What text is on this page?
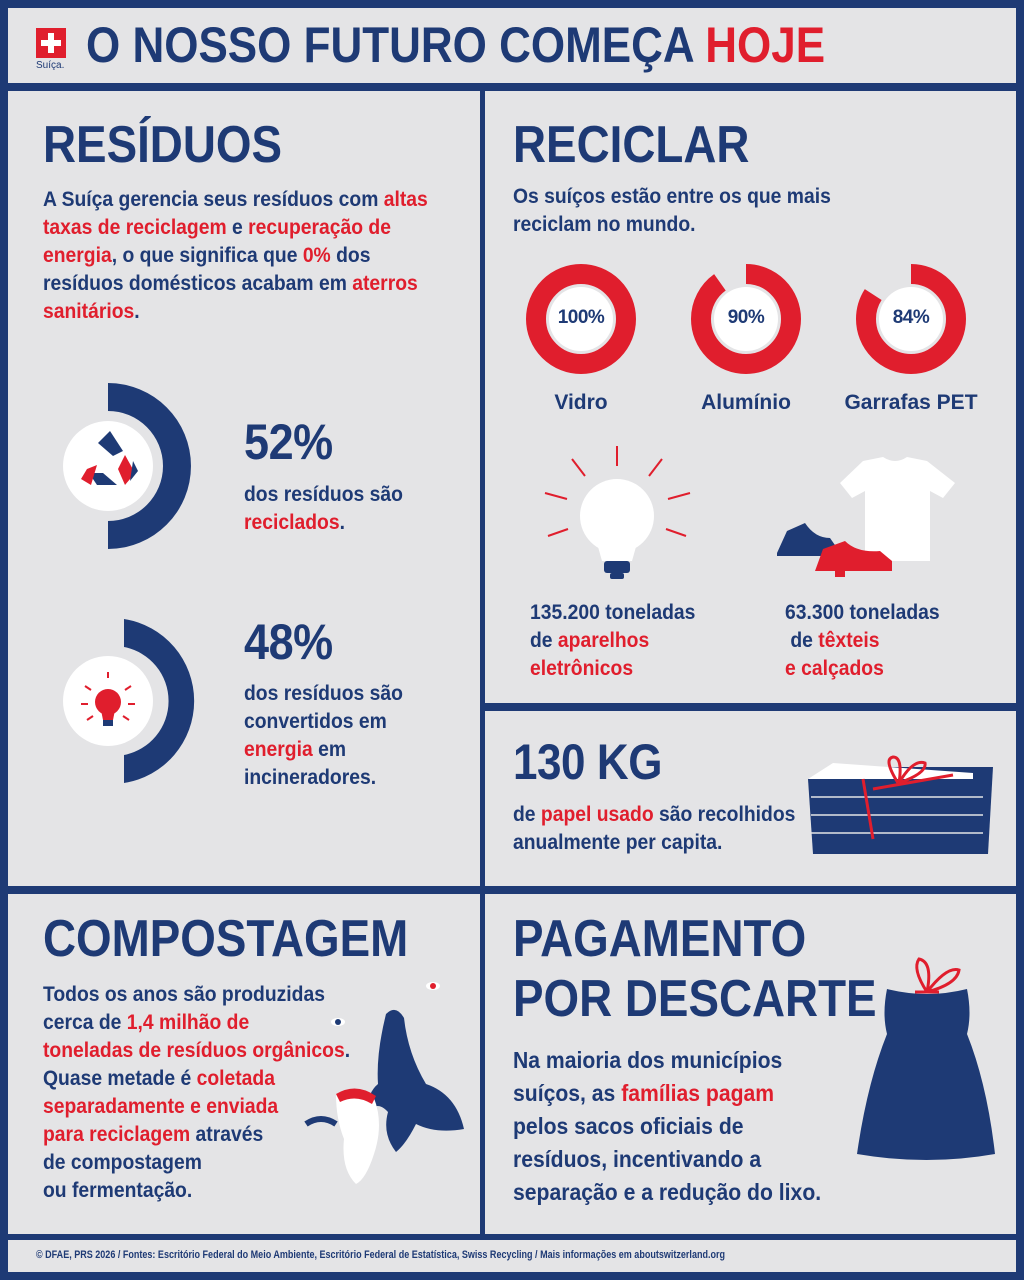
Suíça. O NOSSO FUTURO COMEÇA HOJE
RESÍDUOS
A Suíça gerencia seus resíduos com altas taxas de reciclagem e recuperação de energia, o que significa que 0% dos resíduos domésticos acabam em aterros sanitários.
52%
dos resíduos são
reciclados.
48%
dos resíduos são
convertidos em
energia em
incineradores.
RECICLAR
Os suíços estão entre os que mais
reciclam no mundo.
100%
Vidro
90%
Alumínio
84%
Garrafas PET
135.200 toneladas
de aparelhos
eletrônicos
63.300 toneladas
de têxteis
e calçados
130 KG
de papel usado são recolhidos
anualmente per capita.
COMPOSTAGEM
Todos os anos são produzidas
cerca de 1,4 milhão de
toneladas de resíduos orgânicos.
Quase metade é coletada
separadamente e enviada
para reciclagem através
de compostagem
ou fermentação.
PAGAMENTO
POR DESCARTE
Na maioria dos municípios
suíços, as famílias pagam
pelos sacos oficiais de
resíduos, incentivando a
separação e a redução do lixo.
© DFAE, PRS 2026 / Fontes: Escritório Federal do Meio Ambiente, Escritório Federal de Estatística, Swiss Recycling / Mais informações em aboutswitzerland.org
